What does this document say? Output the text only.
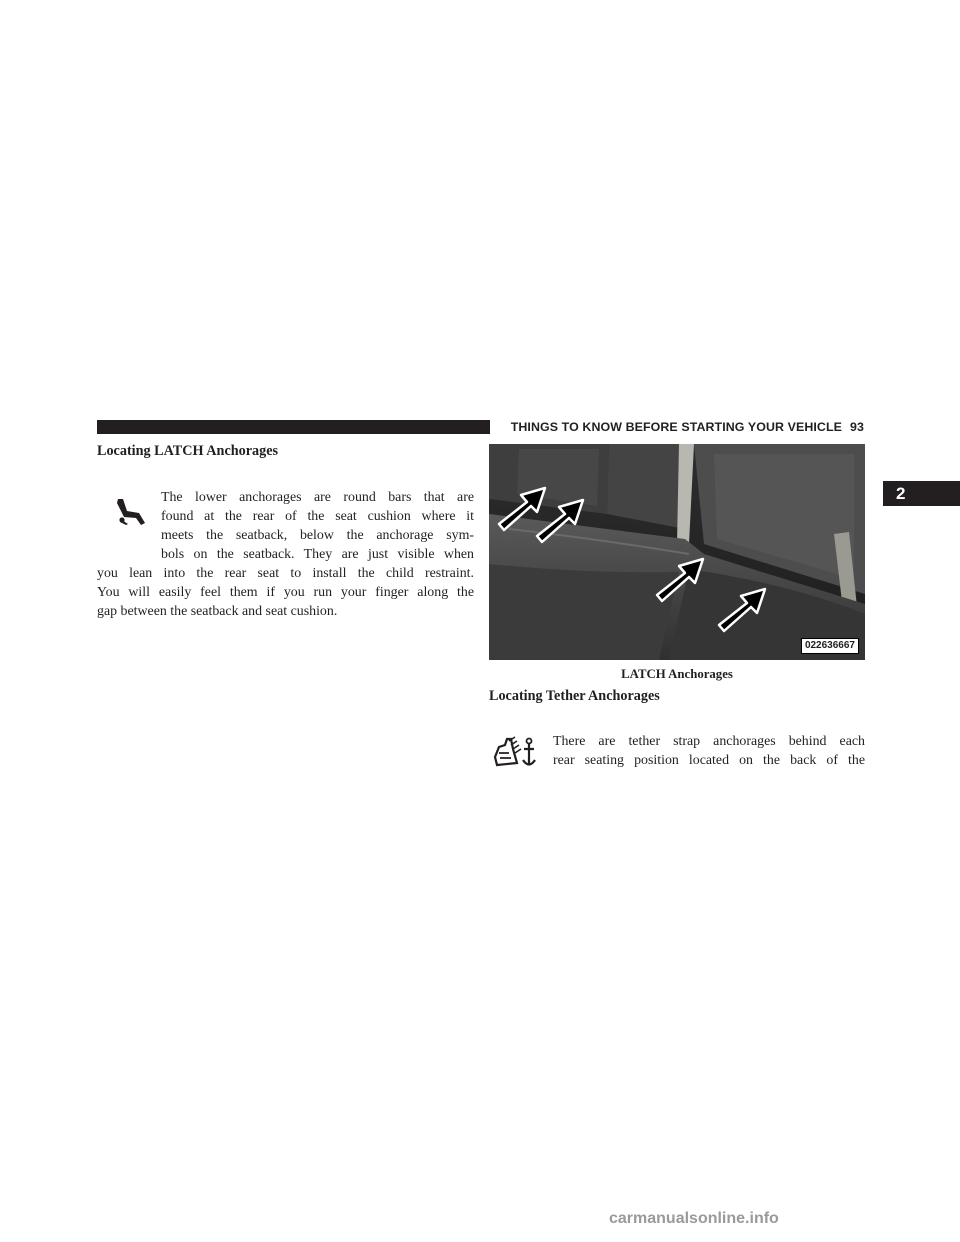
THINGS TO KNOW BEFORE STARTING YOUR VEHICLE 93
2
Locating LATCH Anchorages
The lower anchorages are round bars that are
found at the rear of the seat cushion where it
meets the seatback, below the anchorage sym-
bols on the seatback. They are just visible when
you lean into the rear seat to install the child restraint.
You will easily feel them if you run your finger along the
gap between the seatback and seat cushion.
022636667
LATCH Anchorages
Locating Tether Anchorages
There are tether strap anchorages behind each
rear seating position located on the back of the
carmanualsonline.info
